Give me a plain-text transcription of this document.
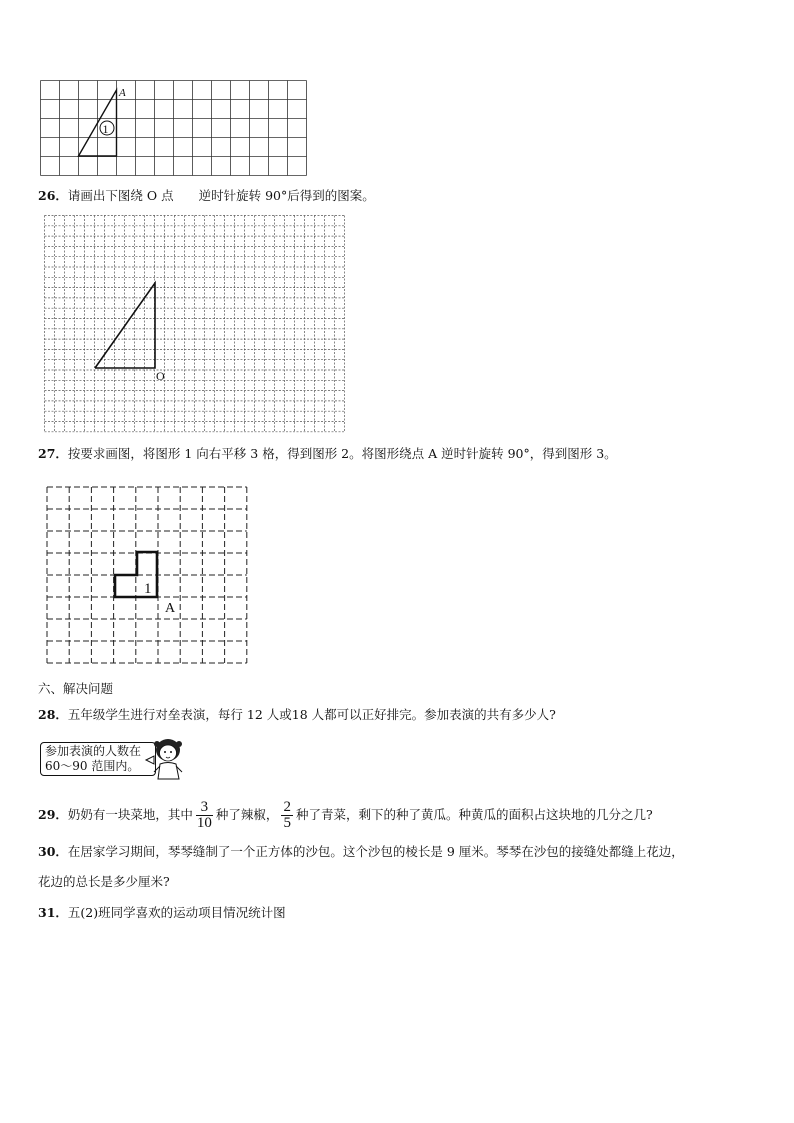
1
A
26．请画出下图绕 O 点　　逆时针旋转 90°后得到的图案。
O
27．按要求画图，将图形 1 向右平移 3 格，得到图形 2。将图形绕点 A 逆时针旋转 90°，得到图形 3。
1
A
六、解决问题
28．五年级学生进行对垒表演，每行 12 人或18 人都可以正好排完。参加表演的共有多少人?
参加表演的人数在
60～90 范围内。
29．奶奶有一块菜地，其中 $\frac{3}{10}$ 种了辣椒， $\frac{2}{5}$ 种了青菜，剩下的种了黄瓜。种黄瓜的面积占这块地的几分之几?
30．在居家学习期间，琴琴缝制了一个正方体的沙包。这个沙包的棱长是 9 厘米。琴琴在沙包的接缝处都缝上花边，
花边的总长是多少厘米?
31．五(2)班同学喜欢的运动项目情况统计图
